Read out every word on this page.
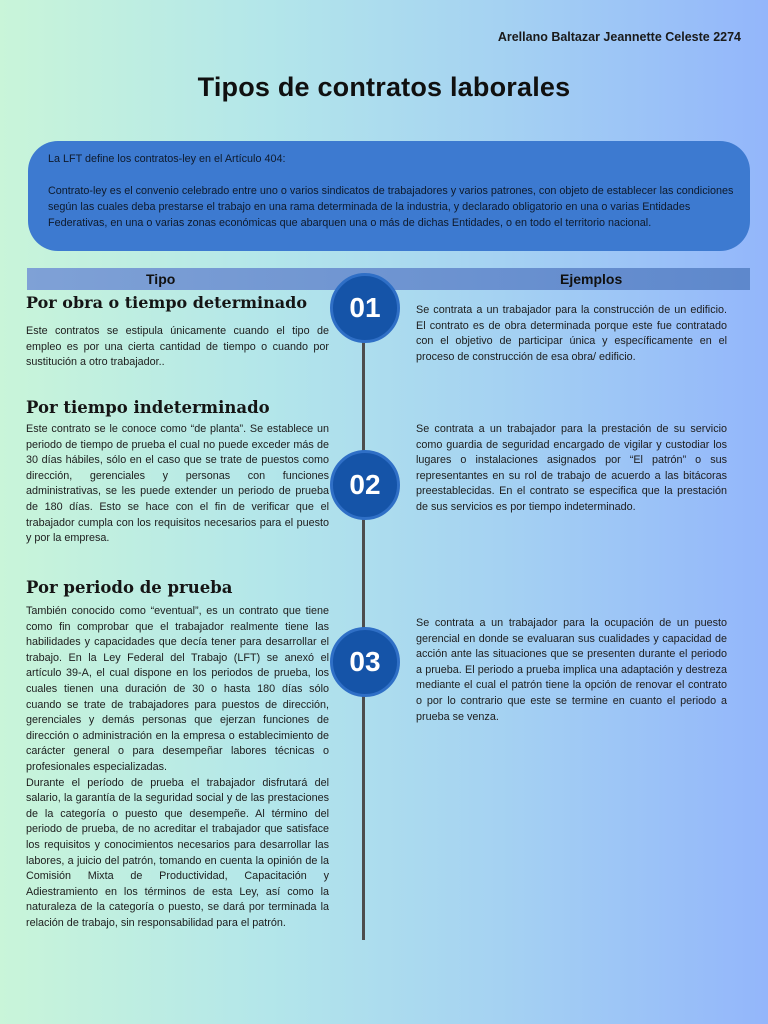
Arellano Baltazar Jeannette Celeste 2274
Tipos de contratos laborales

La LFT define los contratos-ley en el Artículo 404:

Contrato-ley es el convenio celebrado entre uno o varios sindicatos de trabajadores y varios patrones, con objeto de establecer las condiciones según las cuales deba prestarse el trabajo en una rama determinada de la industria, y declarado obligatorio en una o varias Entidades Federativas, en una o varias zonas económicas que abarquen una o más de dichas Entidades, o en todo el territorio nacional.

Tipo	Ejemplos
01
02
03
Por obra o tiempo determinado

Este contratos se estipula únicamente cuando el tipo de empleo es por una cierta cantidad de tiempo o cuando por sustitución a otro trabajador..

Por tiempo indeterminado

Este contrato se le conoce como “de planta”. Se establece un periodo de tiempo de prueba el cual no puede exceder más de 30 días hábiles, sólo en el caso que se trate de puestos como dirección, gerenciales y personas con funciones administrativas, se les puede extender un periodo de prueba de 180 días. Esto se hace con el fin de verificar que el trabajador cumpla con los requisitos necesarios para el puesto y por la empresa.

Por periodo de prueba

También conocido como “eventual”, es un contrato que tiene como fin comprobar que el trabajador realmente tiene las habilidades y capacidades que decía tener para desarrollar el trabajo. En la Ley Federal del Trabajo (LFT) se anexó el artículo 39-A, el cual dispone en los periodos de prueba, los cuales tienen una duración de 30 o hasta 180 días sólo cuando se trate de trabajadores para puestos de dirección, gerenciales y demás personas que ejerzan funciones de dirección o administración en la empresa o establecimiento de carácter general o para desempeñar labores técnicas o profesionales especializadas.

Durante el período de prueba el trabajador disfrutará del salario, la garantía de la seguridad social y de las prestaciones de la categoría o puesto que desempeñe. Al término del periodo de prueba, de no acreditar el trabajador que satisface los requisitos y conocimientos necesarios para desarrollar las labores, a juicio del patrón, tomando en cuenta la opinión de la Comisión Mixta de Productividad, Capacitación y Adiestramiento en los términos de esta Ley, así como la naturaleza de la categoría o puesto, se dará por terminada la relación de trabajo, sin responsabilidad para el patrón.

Se contrata a un trabajador para la construcción de un edificio. El contrato es de obra determinada porque este fue contratado con el objetivo de participar única y específicamente en el proceso de construcción de esa obra/ edificio.

Se contrata a un trabajador para la prestación de su servicio como guardia de seguridad encargado de vigilar y custodiar los lugares o instalaciones asignados por “El patrón” o sus representantes en su rol de trabajo de acuerdo a las bitácoras preestablecidas. En el contrato se especifica que la prestación de sus servicios es por tiempo indeterminado.

Se contrata a un trabajador para la ocupación de un puesto gerencial en donde se evaluaran sus cualidades y capacidad de acción ante las situaciones que se presenten durante el periodo a prueba. El periodo a prueba implica una adaptación y destreza mediante el cual el patrón tiene la opción de renovar el contrato o por lo contrario que este se termine en cuanto el periodo a prueba se venza.
